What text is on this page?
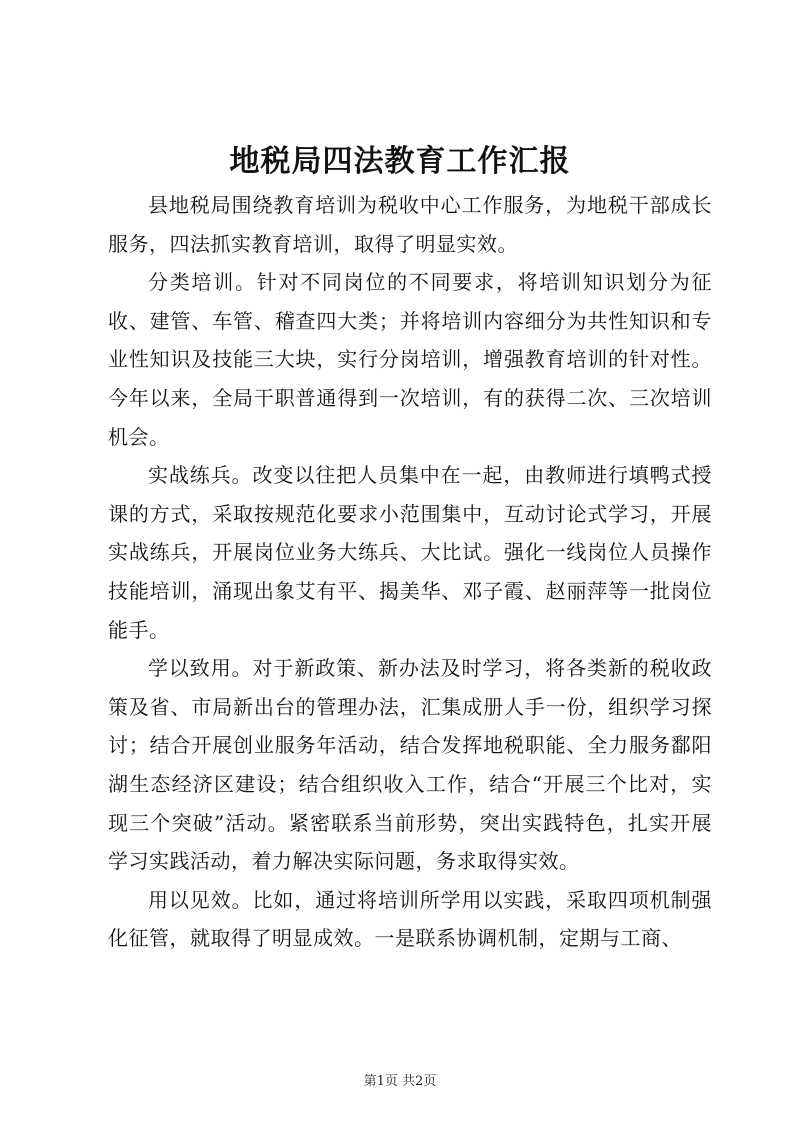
地税局四法教育工作汇报

县地税局围绕教育培训为税收中心工作服务，为地税干部成长服务，四法抓实教育培训，取得了明显实效。

分类培训。针对不同岗位的不同要求，将培训知识划分为征收、建管、车管、稽查四大类；并将培训内容细分为共性知识和专业性知识及技能三大块，实行分岗培训，增强教育培训的针对性。今年以来，全局干职普通得到一次培训，有的获得二次、三次培训机会。

实战练兵。改变以往把人员集中在一起，由教师进行填鸭式授课的方式，采取按规范化要求小范围集中，互动讨论式学习，开展实战练兵，开展岗位业务大练兵、大比试。强化一线岗位人员操作技能培训，涌现出象艾有平、揭美华、邓子霞、赵丽萍等一批岗位能手。

学以致用。对于新政策、新办法及时学习，将各类新的税收政策及省、市局新出台的管理办法，汇集成册人手一份，组织学习探讨；结合开展创业服务年活动，结合发挥地税职能、全力服务鄱阳湖生态经济区建设；结合组织收入工作，结合“开展三个比对，实现三个突破”活动。紧密联系当前形势，突出实践特色，扎实开展学习实践活动，着力解决实际问题，务求取得实效。

用以见效。比如，通过将培训所学用以实践，采取四项机制强化征管，就取得了明显成效。一是联系协调机制，定期与工商、

第1页 共2页
